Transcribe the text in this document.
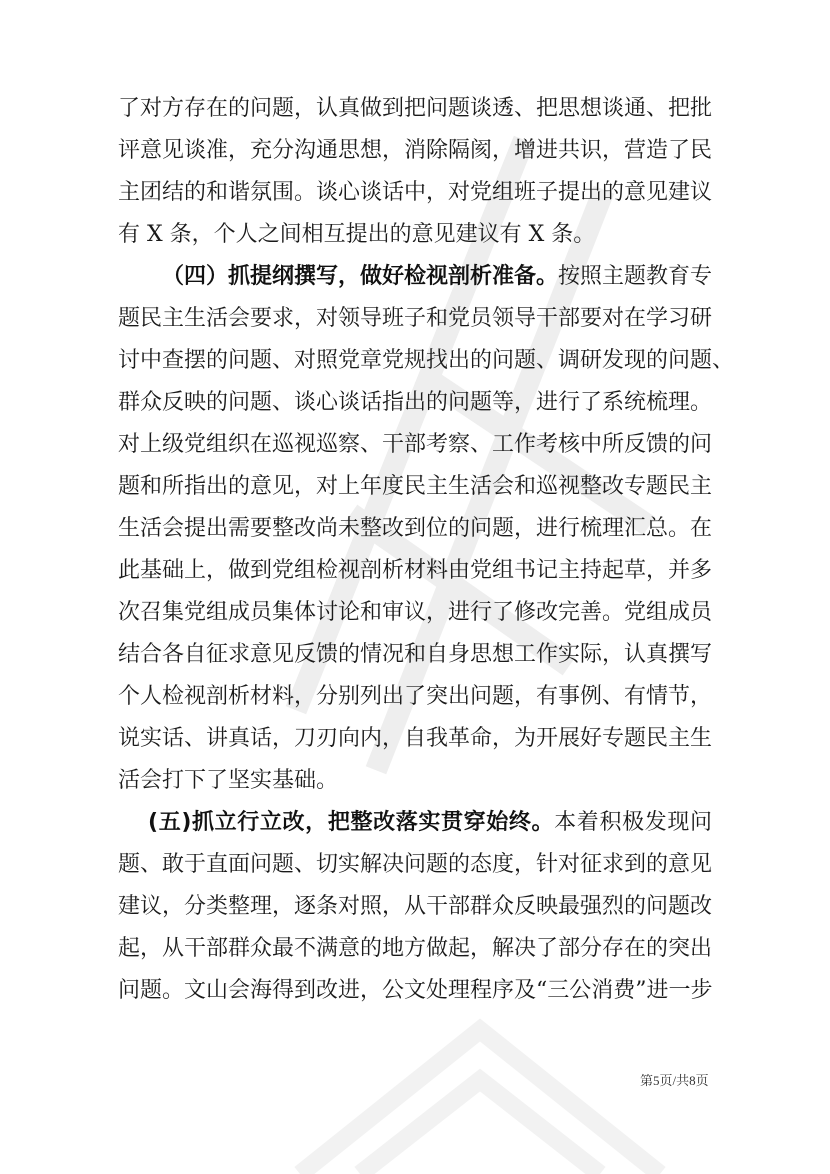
了对方存在的问题，认真做到把问题谈透、把思想谈通、把批
评意见谈准，充分沟通思想，消除隔阂，增进共识，营造了民
主团结的和谐氛围。谈心谈话中，对党组班子提出的意见建议
有 X 条，个人之间相互提出的意见建议有 X 条。
（四）抓提纲撰写，做好检视剖析准备。按照主题教育专
题民主生活会要求，对领导班子和党员领导干部要对在学习研
讨中查摆的问题、对照党章党规找出的问题、调研发现的问题、
群众反映的问题、谈心谈话指出的问题等，进行了系统梳理。
对上级党组织在巡视巡察、干部考察、工作考核中所反馈的问
题和所指出的意见，对上年度民主生活会和巡视整改专题民主
生活会提出需要整改尚未整改到位的问题，进行梳理汇总。在
此基础上，做到党组检视剖析材料由党组书记主持起草，并多
次召集党组成员集体讨论和审议，进行了修改完善。党组成员
结合各自征求意见反馈的情况和自身思想工作实际，认真撰写
个人检视剖析材料，分别列出了突出问题，有事例、有情节，
说实话、讲真话，刀刃向内，自我革命，为开展好专题民主生
活会打下了坚实基础。
(五)抓立行立改，把整改落实贯穿始终。本着积极发现问
题、敢于直面问题、切实解决问题的态度，针对征求到的意见
建议，分类整理，逐条对照，从干部群众反映最强烈的问题改
起，从干部群众最不满意的地方做起，解决了部分存在的突出
问题。文山会海得到改进，公文处理程序及“三公消费”进一步
第5页/共8页
